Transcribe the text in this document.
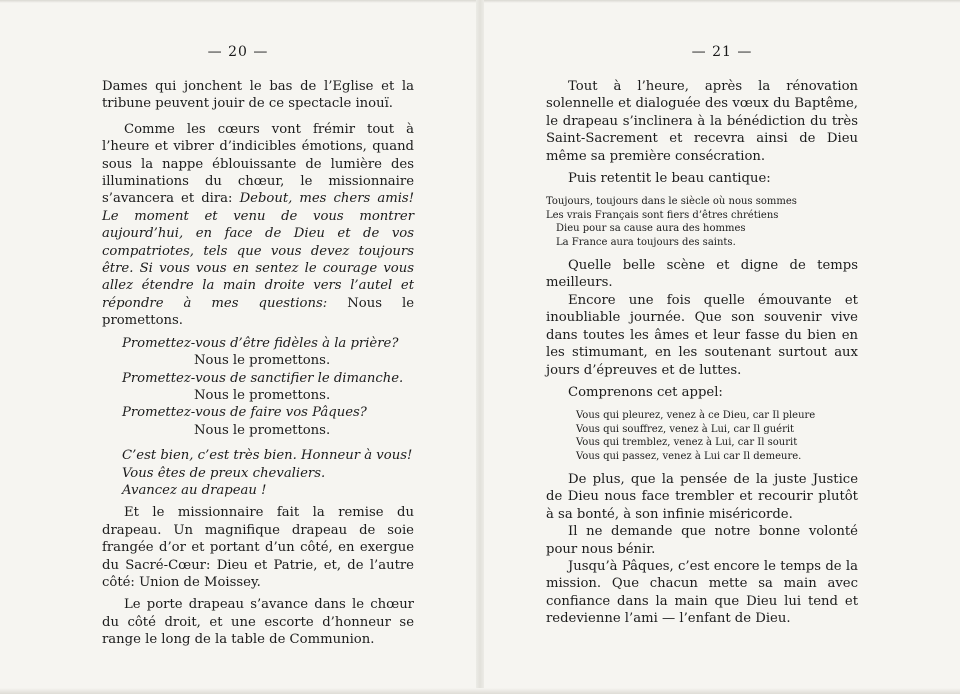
— 20 —

Dames qui jonchent le bas de l’Eglise et la tribune peuvent jouir de ce spectacle inouï.

Comme les cœurs vont frémir tout à l’heure et vibrer d’indicibles émotions, quand sous la nappe éblouissante de lumière des illuminations du chœur, le missionnaire s’avancera et dira: Debout, mes chers amis! Le moment et venu de vous montrer aujourd’hui, en face de Dieu et de vos compatriotes, tels que vous devez toujours être. Si vous vous en sentez le courage vous allez étendre la main droite vers l’autel et répondre à mes questions: Nous le promettons.

Promettez-vous d’être fidèles à la prière?

Nous le promettons.

Promettez-vous de sanctifier le dimanche.

Nous le promettons.

Promettez-vous de faire vos Pâques?

Nous le promettons.

C’est bien, c’est très bien. Honneur à vous!

Vous êtes de preux chevaliers.

Avancez au drapeau !

Et le missionnaire fait la remise du drapeau. Un magnifique drapeau de soie frangée d’or et portant d’un côté, en exergue du Sacré-Cœur: Dieu et Patrie, et, de l’autre côté: Union de Moissey.

Le porte drapeau s’avance dans le chœur du côté droit, et une escorte d’honneur se range le long de la table de Communion.

— 21 —

Tout à l’heure, après la rénovation solennelle et dialoguée des vœux du Baptême, le drapeau s’inclinera à la bénédiction du très Saint-Sacrement et recevra ainsi de Dieu même sa première consécration.

Puis retentit le beau cantique:

Toujours, toujours dans le siècle où nous sommes

Les vrais Français sont fiers d’êtres chrétiens

Dieu pour sa cause aura des hommes

La France aura toujours des saints.

Quelle belle scène et digne de temps meilleurs.

Encore une fois quelle émouvante et inoubliable journée. Que son souvenir vive dans toutes les âmes et leur fasse du bien en les stimumant, en les soutenant surtout aux jours d’épreuves et de luttes.

Comprenons cet appel:

Vous qui pleurez, venez à ce Dieu, car Il pleure

Vous qui souffrez, venez à Lui, car Il guérit

Vous qui tremblez, venez à Lui, car Il sourit

Vous qui passez, venez à Lui car Il demeure.

De plus, que la pensée de la juste Justice de Dieu nous face trembler et recourir plutôt à sa bonté, à son infinie miséricorde.

Il ne demande que notre bonne volonté pour nous bénir.

Jusqu’à Pâques, c’est encore le temps de la mission. Que chacun mette sa main avec confiance dans la main que Dieu lui tend et redevienne l’ami — l’enfant de Dieu.
